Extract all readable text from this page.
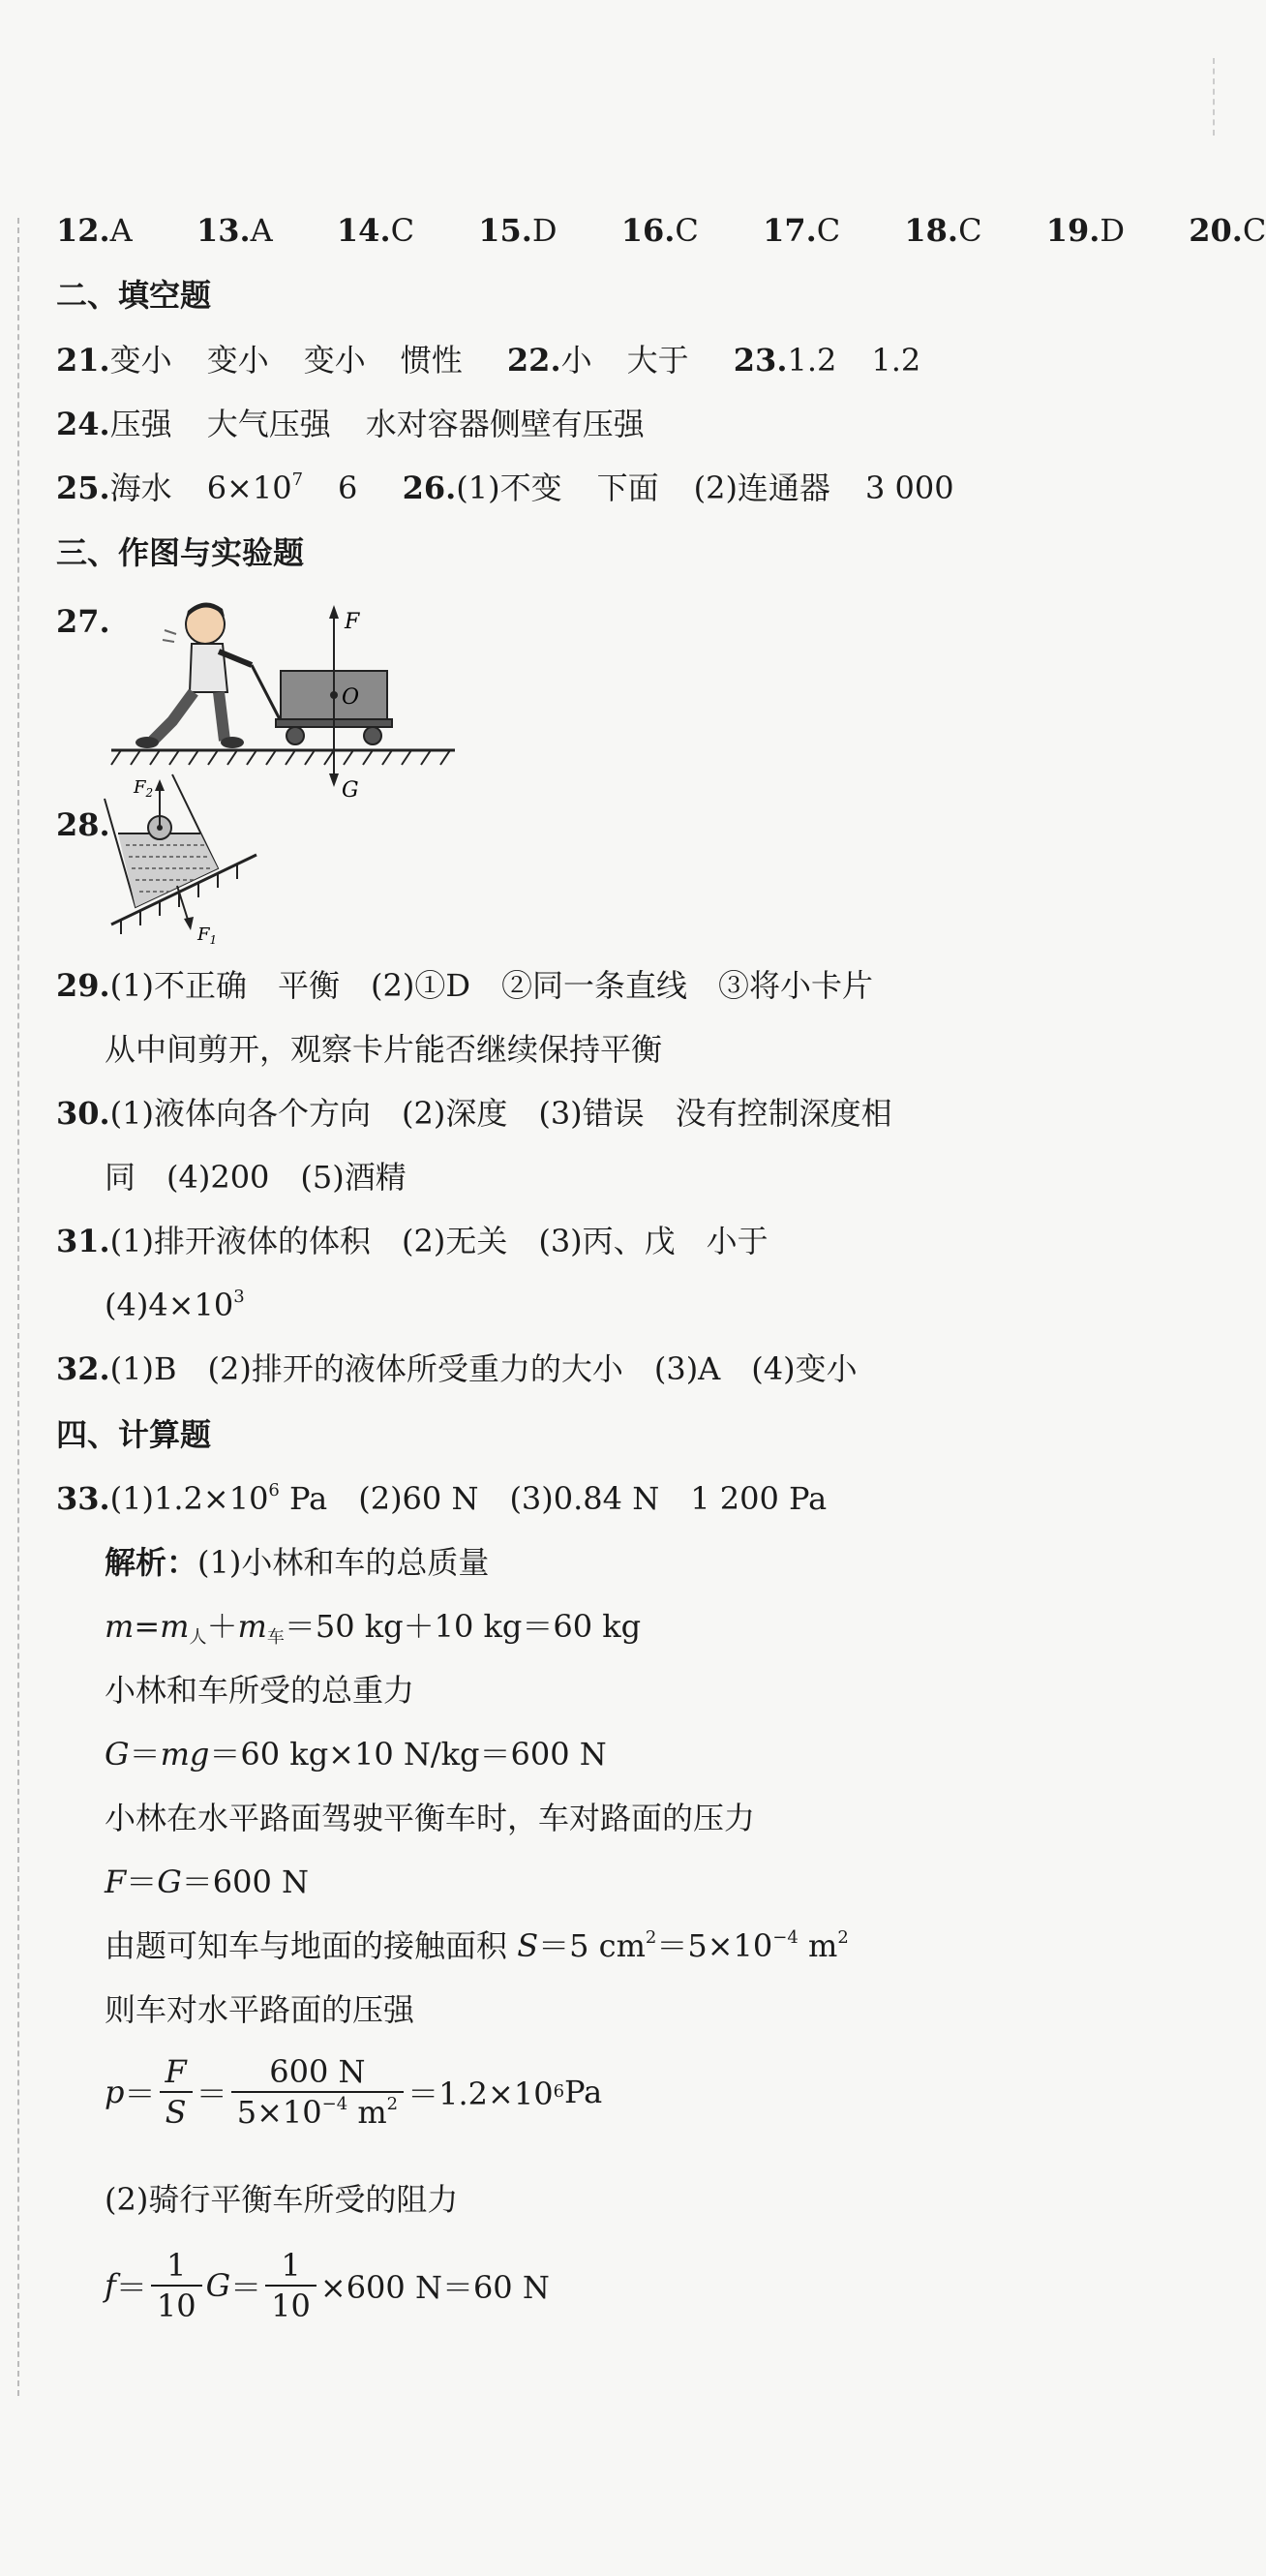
12.A 13.A 14.C 15.D 16.C 17.C 18.C 19.D 20.C
二、填空题
21.变小 变小 变小 惯性 22.小 大于 23.1.2 1.2
24.压强 大气压强 水对容器侧壁有压强
25.海水 $6\times 10^7$ 6 26.(1)不变 下面 (2)连通器 3 000
三、作图与实验题
27.	F
O
G
28.
$F_2$
$F_1$
29.(1)不正确　平衡　(2)①D　②同一条直线　③将小卡片
从中间剪开，观察卡片能否继续保持平衡
30.(1)液体向各个方向　(2)深度　(3)错误　没有控制深度相
同　(4)200　(5)酒精
31.(1)排开液体的体积　(2)无关　(3)丙、戊　小于
$(4)4\times 10^3$
32.(1)B　(2)排开的液体所受重力的大小　(3)A　(4)变小
四、计算题
$33.(1)1.2\times 10^6$ Pa　(2)60 N　(3)0.84 N　1 200 Pa
解析：(1)小林和车的总质量
$m=m_人+m_车=50$ kg＋10 kg＝60 kg
小林和车所受的总重力
G＝mg＝60 kg×10 N/kg＝600 N
小林在水平路面驾驶平衡车时，车对路面的压力
F＝G＝600 N
由题可知车与地面的接触面积 S＝5 $cm^2=5\times 10^{-4}$ $m^2$
则车对水平路面的压强
$p = \frac{F}{S} = \frac{600 N}{5\times 10^{-4} m^2} =1.2\times 10$ 6 Pa
(2)骑行平衡车所受的阻力
$f = \frac{1}{10}$ $G = \frac{1}{10} \times 600$ N＝60 N
